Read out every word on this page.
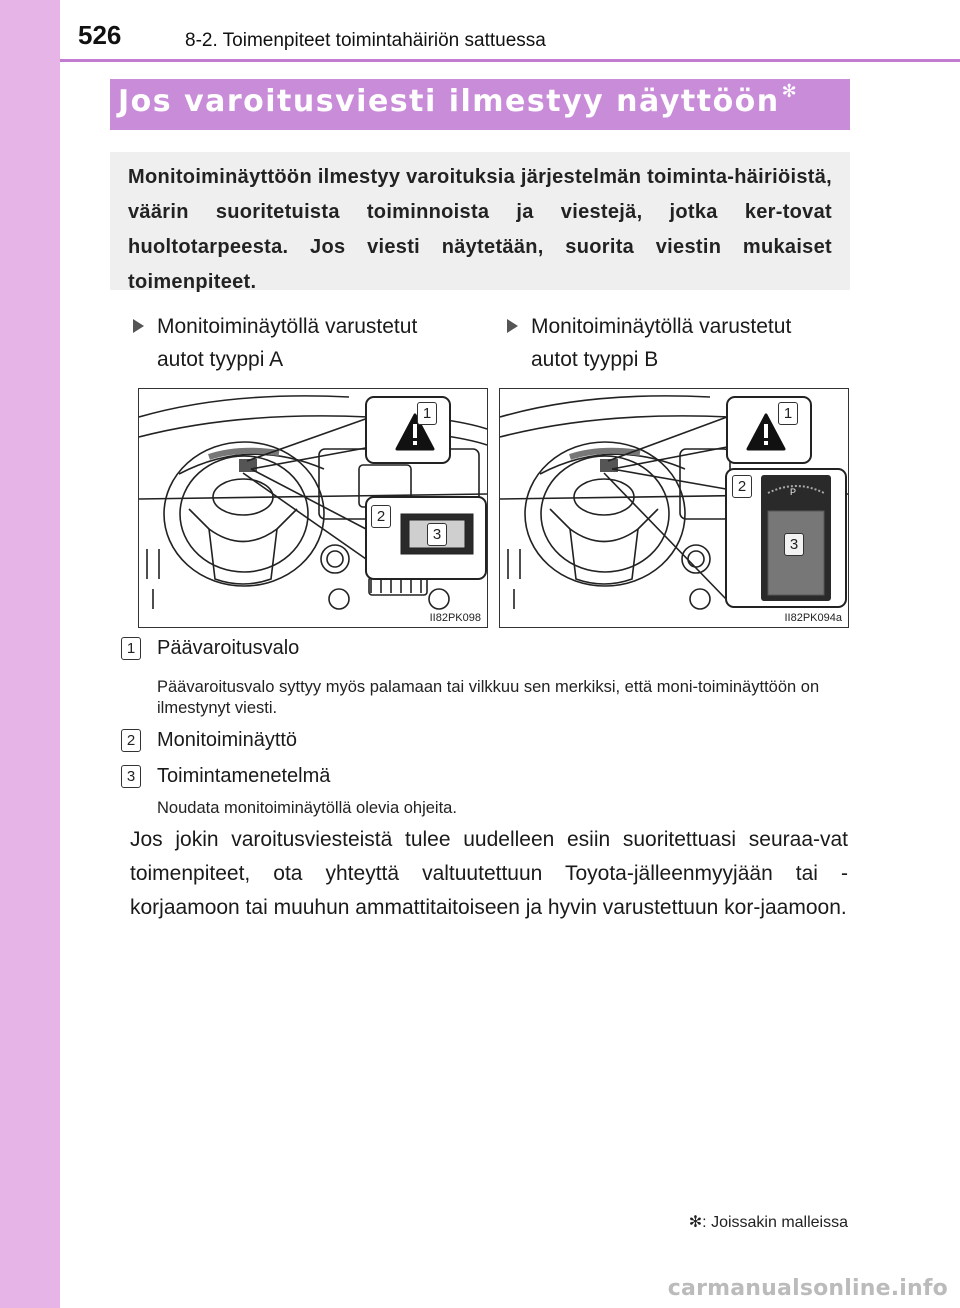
526	8-2. Toimenpiteet toimintahäiriön sattuessa
Jos varoitusviesti ilmestyy näyttöön ✻
Monitoiminäyttöön ilmestyy varoituksia järjestelmän toiminta-häiriöistä, väärin suoritetuista toiminnoista ja viestejä, jotka ker-tovat huoltotarpeesta. Jos viesti näytetään, suorita viestin mukaiset toimenpiteet.
Monitoiminäytöllä varustetut
autot tyyppi A
Monitoiminäytöllä varustetut
autot tyyppi B
1
2
3
II82PK098
P
1
2
3
II82PK094a
1 Päävaroitusvalo
Päävaroitusvalo syttyy myös palamaan tai vilkkuu sen merkiksi, että moni-toiminäyttöön on ilmestynyt viesti.
2 Monitoiminäyttö
3 Toimintamenetelmä
Noudata monitoiminäytöllä olevia ohjeita.
Jos jokin varoitusviesteistä tulee uudelleen esiin suoritettuasi seuraa-vat toimenpiteet, ota yhteyttä valtuutettuun Toyota-jälleenmyyjään tai -korjaamoon tai muuhun ammattitaitoiseen ja hyvin varustettuun kor-jaamoon.
✻: Joissakin malleissa
carmanualsonline.info
